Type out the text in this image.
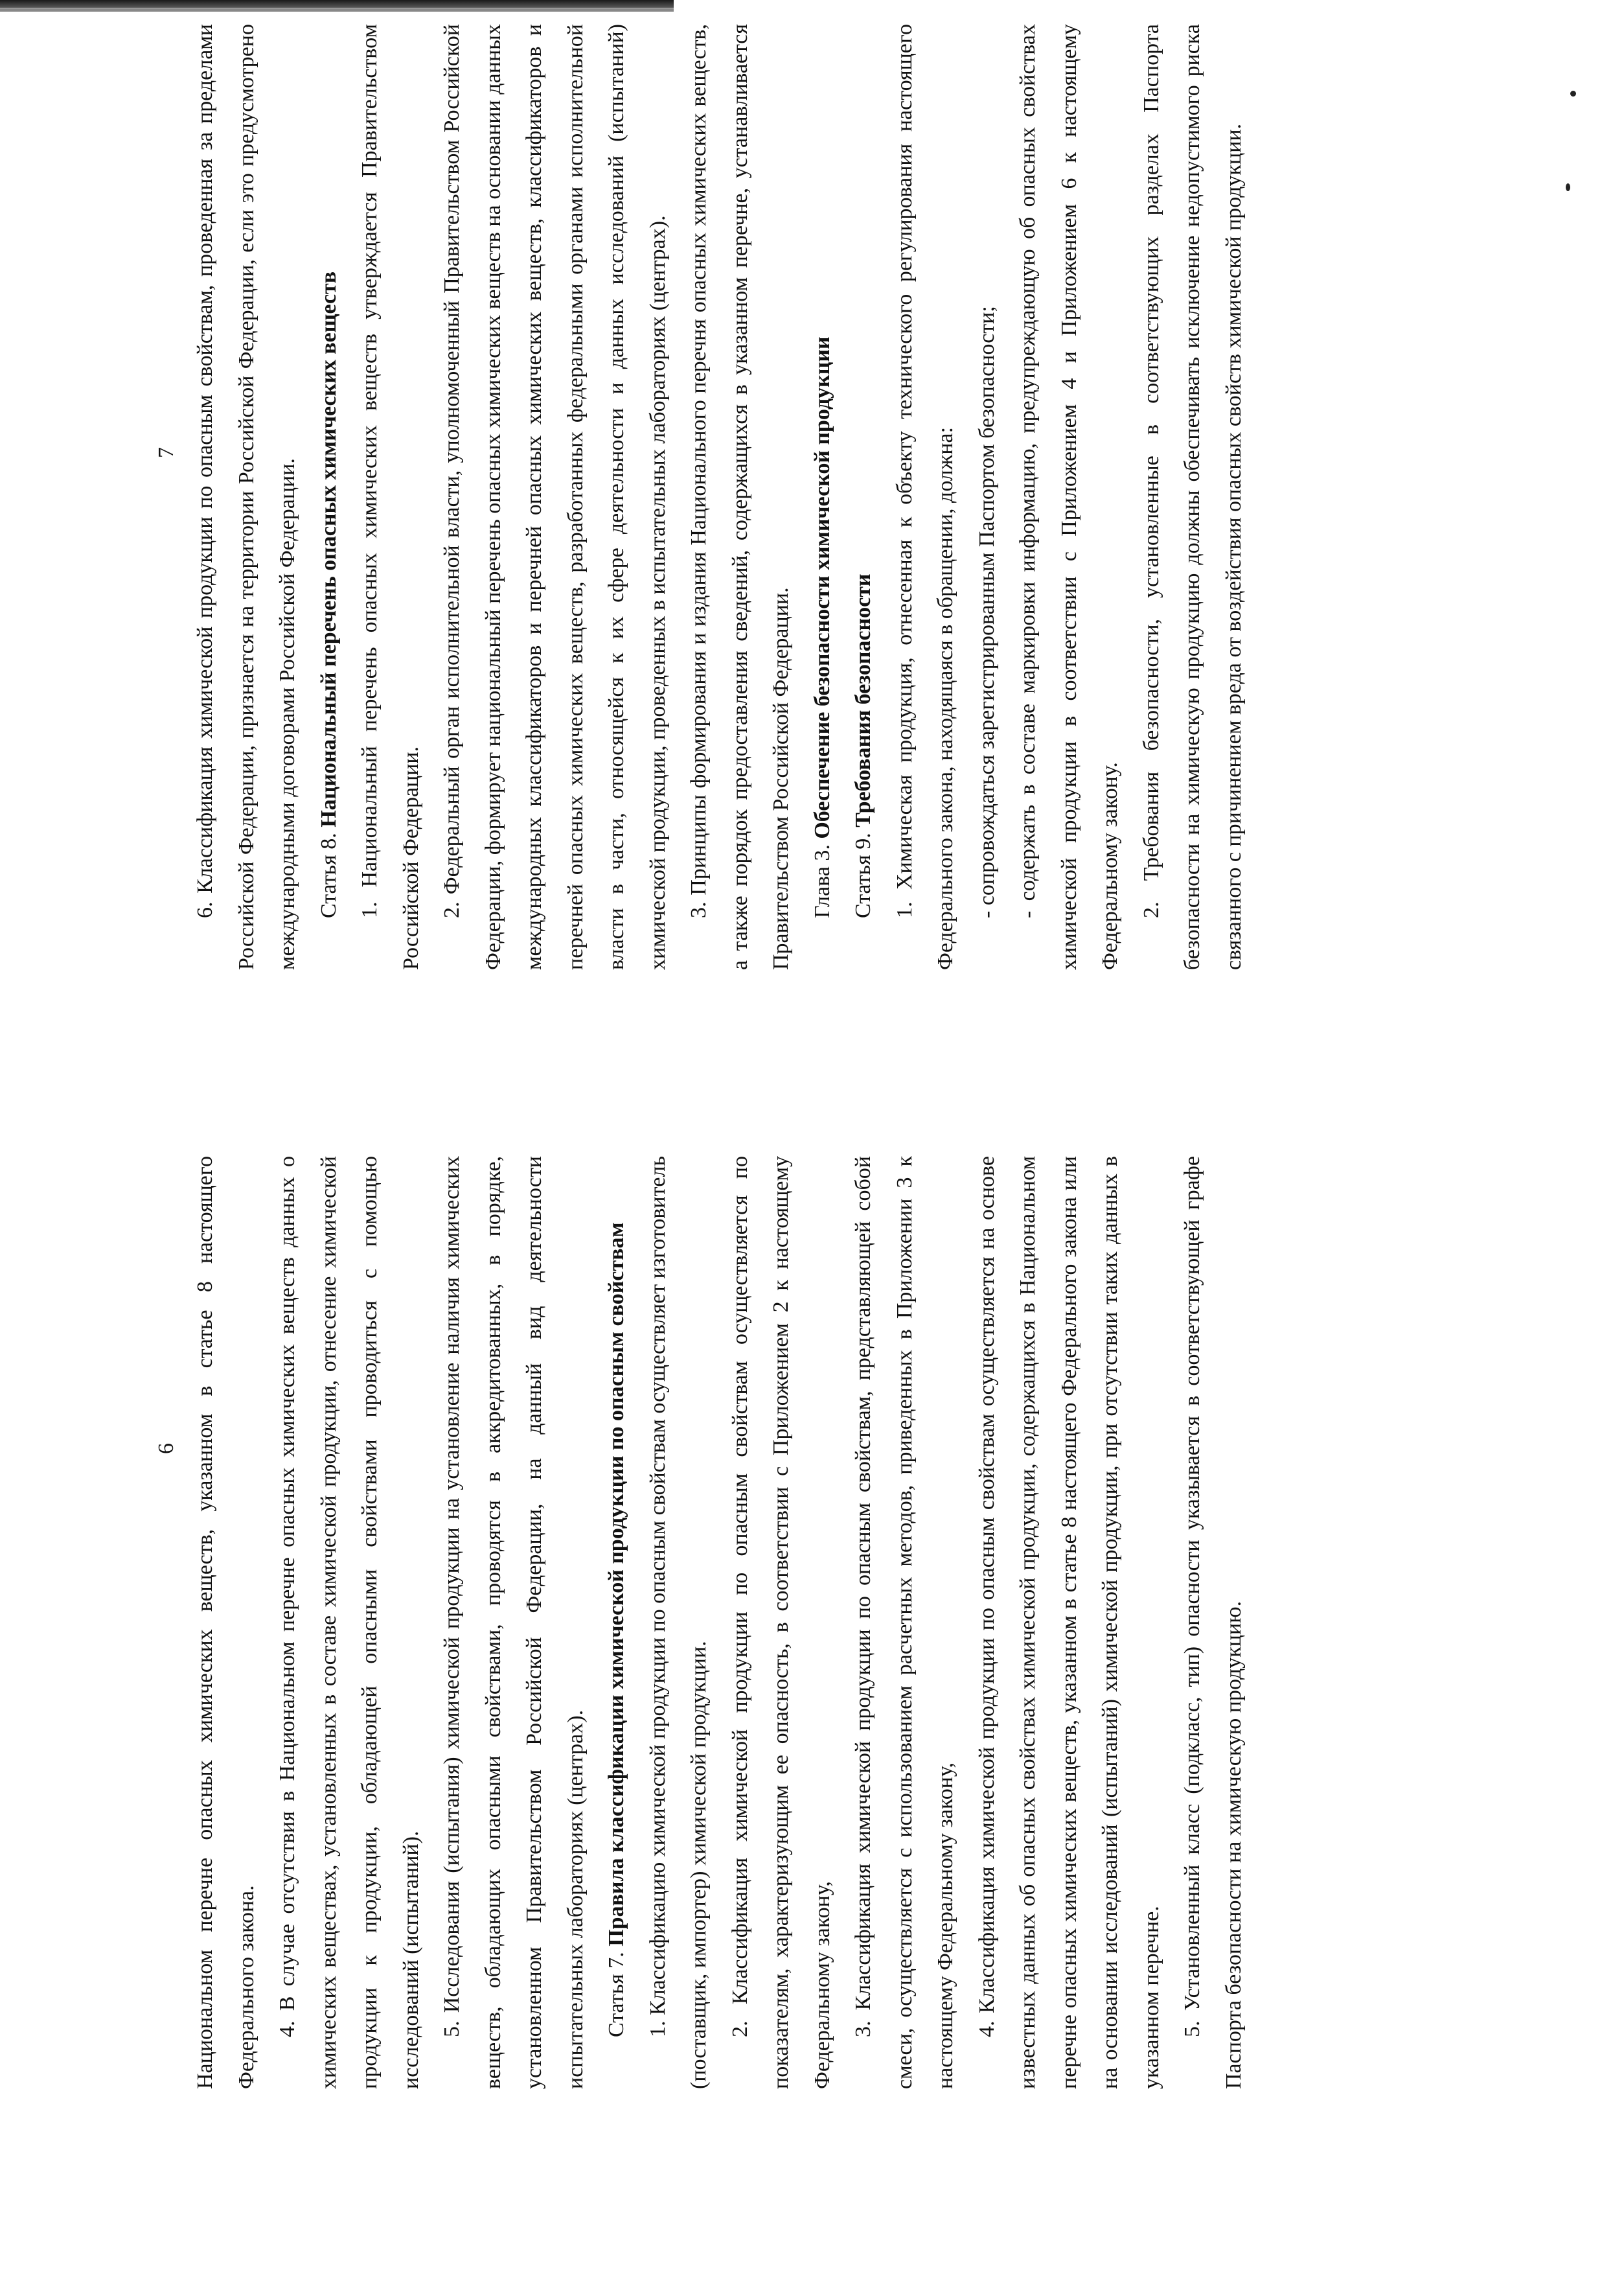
6 Национальном перечне опасных химических веществ, указанном в статье 8 настоящего Федерального закона. 4. В случае отсутствия в Национальном перечне опасных химических веществ данных о химических веществах, установленных в составе химической продукции, отнесение химической продукции к продукции, обладающей опасными свойствами проводиться с помощью исследований (испытаний). 5. Исследования (испытания) химической продукции на установление наличия химических веществ, обладающих опасными свойствами, проводятся в аккредитованных, в порядке, установленном Правительством Российской Федерации, на данный вид деятельности испытательных лабораториях (центрах). Статья 7. Правила классификации химической продукции по опасным свойствам 1. Классификацию химической продукции по опасным свойствам осуществляет изготовитель (поставщик, импортер) химической продукции. 2. Классификация химической продукции по опасным свойствам осуществляется по показателям, характеризующим ее опасность, в соответствии с Приложением 2 к настоящему Федеральному закону, 3. Классификация химической продукции по опасным свойствам, представляющей собой смеси, осуществляется с использованием расчетных методов, приведенных в Приложении 3 к настоящему Федеральному закону, 4. Классификация химической продукции по опасным свойствам осуществляется на основе известных данных об опасных свойствах химической продукции, содержащихся в Национальном перечне опасных химических веществ, указанном в статье 8 настоящего Федерального закона или на основании исследований (испытаний) химической продукции, при отсутствии таких данных в указанном перечне. 5. Установленный класс (подкласс, тип) опасности указывается в соответствующей графе Паспорта безопасности на химическую продукцию.

7 6. Классификация химической продукции по опасным свойствам, проведенная за пределами Российской Федерации, признается на территории Российской Федерации, если это предусмотрено международными договорами Российской Федерации. Статья 8. Национальный перечень опасных химических веществ 1. Национальный перечень опасных химических веществ утверждается Правительством Российской Федерации. 2. Федеральный орган исполнительной власти, уполномоченный Правительством Российской Федерации, формирует национальный перечень опасных химических веществ на основании данных международных классификаторов и перечней опасных химических веществ, классификаторов и перечней опасных химических веществ, разработанных федеральными органами исполнительной власти в части, относящейся к их сфере деятельности и данных исследований (испытаний) химической продукции, проведенных в испытательных лабораториях (центрах). 3. Принципы формирования и издания Национального перечня опасных химических веществ, а также порядок предоставления сведений, содержащихся в указанном перечне, устанавливается Правительством Российской Федерации. Глава 3. Обеспечение безопасности химической продукции

Статья 9. Требования безопасности 1. Химическая продукция, отнесенная к объекту технического регулирования настоящего Федерального закона, находящаяся в обращении, должна: - сопровождаться зарегистрированным Паспортом безопасности; - содержать в составе маркировки информацию, предупреждающую об опасных свойствах химической продукции в соответствии с Приложением 4 и Приложением 6 к настоящему Федеральному закону. 2. Требования безопасности, установленные в соответствующих разделах Паспорта безопасности на химическую продукцию должны обеспечивать исключение недопустимого риска связанного с причинением вреда от воздействия опасных свойств химической продукции.
